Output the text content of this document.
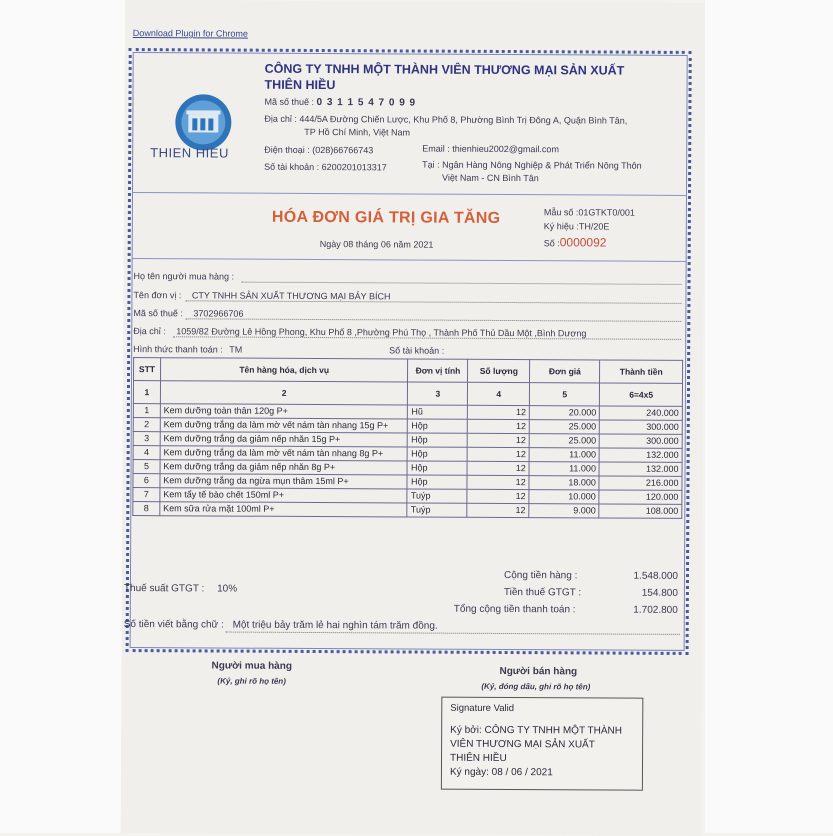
Download Plugin for Chrome
THIEN HIEU
CÔNG TY TNHH MỘT THÀNH VIÊN THƯƠNG MẠI SẢN XUẤT
THIÊN HIỀU
Mã số thuế : 0 3 1 1 5 4 7 0 9 9
Địa chỉ : 444/5A Đường Chiến Lược, Khu Phố 8, Phường Bình Trị Đông A, Quận Bình Tân,
TP Hồ Chí Minh, Việt Nam
Điện thoại : (028)66766743	Email : thienhieu2002@gmail.com
Số tài khoản : 6200201013317	Tại : Ngân Hàng Nông Nghiệp & Phát Triển Nông Thôn
Việt Nam - CN Bình Tân
HÓA ĐƠN GIÁ TRỊ GIA TĂNG
Ngày 08 tháng 06 năm 2021
Mẫu số :01GTKT0/001
Ký hiệu :TH/20E
Số :0000092
Họ tên người mua hàng :
Tên đơn vị : CTY TNHH SẢN XUẤT THƯƠNG MẠI BẢY BÍCH
Mã số thuế : 3702966706
Địa chỉ : 1059/82 Đường Lê Hồng Phong, Khu Phố 8 ,Phường Phú Thọ , Thành Phố Thủ Dầu Một ,Bình Dương
Hình thức thanh toán : TM	Số tài khoản :
STT	Tên hàng hóa, dịch vụ	Đơn vị tính	Số lượng	Đơn giá	Thành tiền
1	2	3	4	5	6=4x5
1	Kem dưỡng toàn thân 120g P+	Hũ	12	20.000	240.000
2	Kem dưỡng trắng da làm mờ vết nám tàn nhang 15g P+	Hộp	12	25.000	300.000
3	Kem dưỡng trắng da giảm nếp nhăn 15g P+	Hộp	12	25.000	300.000
4	Kem dưỡng trắng da làm mờ vết nám tàn nhang 8g P+	Hộp	12	11.000	132.000
5	Kem dưỡng trắng da giảm nếp nhăn 8g P+	Hộp	12	11.000	132.000
6	Kem dưỡng trắng da ngừa mụn thâm 15ml P+	Hộp	12	18.000	216.000
7	Kem tẩy tế bào chết 150ml P+	Tuýp	12	10.000	120.000
8	Kem sữa rửa mặt 100ml P+	Tuýp	12	9.000	108.000
Cộng tiền hàng :	1.548.000
Thuế suất GTGT : 10%	Tiền thuế GTGT :	154.800
Tổng cộng tiền thanh toán :	1.702.800
Số tiền viết bằng chữ : Một triệu bảy trăm lẻ hai nghìn tám trăm đồng.
Người mua hàng
(Ký, ghi rõ họ tên)
Người bán hàng
(Ký, đóng dấu, ghi rõ họ tên)
Signature Valid
Ký bởi: CÔNG TY TNHH MỘT THÀNH
VIÊN THƯƠNG MẠI SẢN XUẤT
THIÊN HIỀU
Ký ngày: 08 / 06 / 2021
